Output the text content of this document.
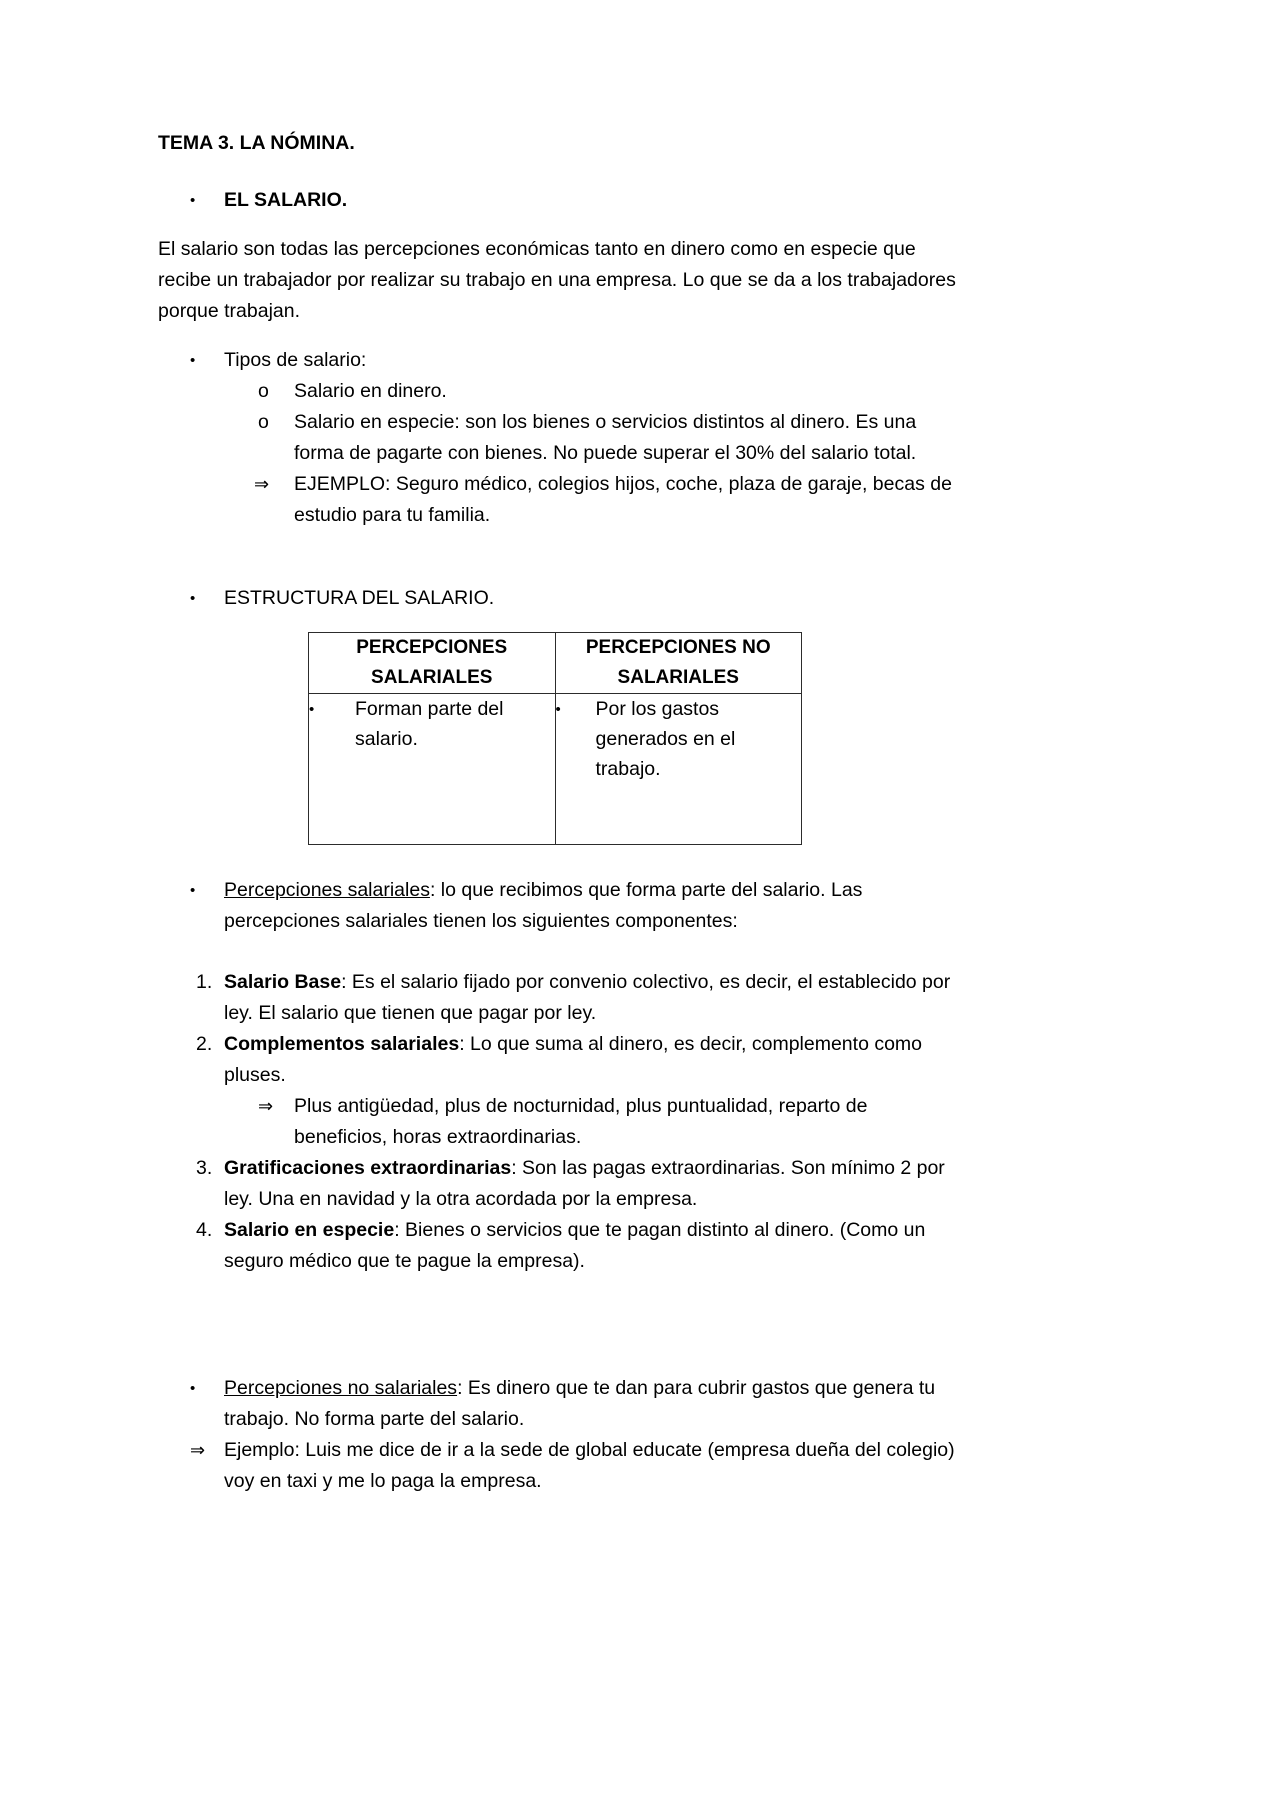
TEMA 3. LA NÓMINA.
•	EL SALARIO.
El salario son todas las percepciones económicas tanto en dinero como en especie que recibe un trabajador por realizar su trabajo en una empresa. Lo que se da a los trabajadores porque trabajan.
•	Tipos de salario:
o	Salario en dinero.
o	Salario en especie: son los bienes o servicios distintos al dinero. Es una forma de pagarte con bienes. No puede superar el 30% del salario total.
⇒	EJEMPLO: Seguro médico, colegios hijos, coche, plaza de garaje, becas de estudio para tu familia.
•	ESTRUCTURA DEL SALARIO.
PERCEPCIONES SALARIALES	PERCEPCIONES NO SALARIALES

• Forman parte del salario.	• Por los gastos generados en el trabajo.
•	Percepciones salariales: lo que recibimos que forma parte del salario. Las percepciones salariales tienen los siguientes componentes:
1. Salario Base: Es el salario fijado por convenio colectivo, es decir, el establecido por ley. El salario que tienen que pagar por ley.
2. Complementos salariales: Lo que suma al dinero, es decir, complemento como pluses.
⇒	Plus antigüedad, plus de nocturnidad, plus puntualidad, reparto de beneficios, horas extraordinarias.
3. Gratificaciones extraordinarias: Son las pagas extraordinarias. Son mínimo 2 por ley. Una en navidad y la otra acordada por la empresa.
4. Salario en especie: Bienes o servicios que te pagan distinto al dinero. (Como un seguro médico que te pague la empresa).
•	Percepciones no salariales: Es dinero que te dan para cubrir gastos que genera tu trabajo. No forma parte del salario.
⇒ Ejemplo: Luis me dice de ir a la sede de global educate (empresa dueña del colegio) voy en taxi y me lo paga la empresa.
